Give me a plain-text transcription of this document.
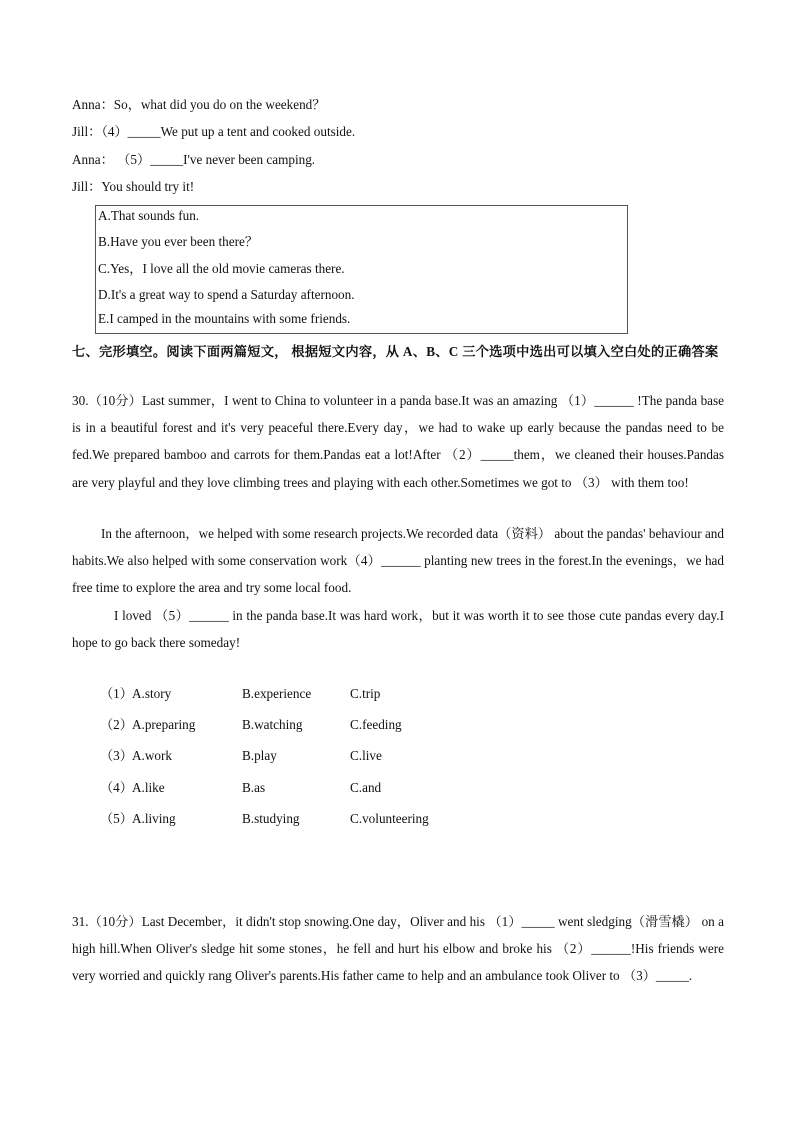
Anna：So，what did you do on the weekend？
Jill：（4）_____We put up a tent and cooked outside.
Anna： （5）_____I've never been camping.
Jill：You should try it!
A.That sounds fun.
B.Have you ever been there？
C.Yes，I love all the old movie cameras there.
D.It's a great way to spend a Saturday afternoon.
E.I camped in the mountains with some friends.
七、完形填空。阅读下面两篇短文， 根据短文内容，从 A、B、C 三个选项中选出可以填入空白处的正确答案
30.（10分）Last summer，I went to China to volunteer in a panda base.It was an amazing （1）______ !The panda base is in a beautiful forest and it's very peaceful there.Every day，we had to wake up early because the pandas need to be fed.We prepared bamboo and carrots for them.Pandas eat a lot!After （2）_____them，we cleaned their houses.Pandas are very playful and they love climbing trees and playing with each other.Sometimes we got to （3） with them too!
In the afternoon，we helped with some research projects.We recorded data（资料） about the pandas' behaviour and habits.We also helped with some conservation work（4）______ planting new trees in the forest.In the evenings，we had free time to explore the area and try some local food.
I loved （5）______ in the panda base.It was hard work，but it was worth it to see those cute pandas every day.I hope to go back there someday!
（1） A.story	B.experience	C.trip
（2） A.preparing	B.watching	C.feeding
（3） A.work	B.play	C.live
（4） A.like	B.as	C.and
（5） A.living	B.studying	C.volunteering
31.（10分）Last December，it didn't stop snowing.One day，Oliver and his （1）_____ went sledging（滑雪橇） on a high hill.When Oliver's sledge hit some stones，he fell and hurt his elbow and broke his （2）______!His friends were very worried and quickly rang Oliver's parents.His father came to help and an ambulance took Oliver to （3）_____.
